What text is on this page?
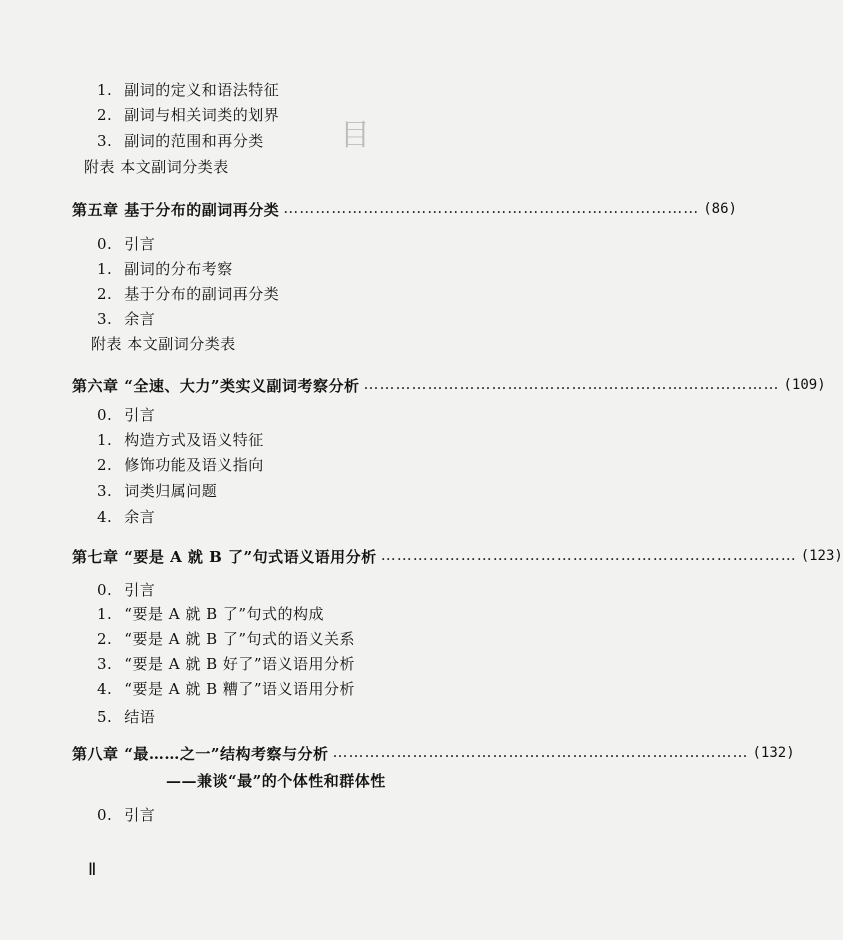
目
1. 副词的定义和语法特征
2. 副词与相关词类的划界
3. 副词的范围和再分类
附表 本文副词分类表
第五章 基于分布的副词再分类 …………………………………………………………………… (86)
0. 引言
1. 副词的分布考察
2. 基于分布的副词再分类
3. 余言
附表 本文副词分类表
第六章 “全速、大力”类实义副词考察分析 …………………………………………………………………… (109)
0. 引言
1. 构造方式及语义特征
2. 修饰功能及语义指向
3. 词类归属问题
4. 余言
第七章 “要是 A 就 B 了”句式语义语用分析 …………………………………………………………………… (123)
0. 引言
1. “要是 A 就 B 了”句式的构成
2. “要是 A 就 B 了”句式的语义关系
3. “要是 A 就 B 好了”语义语用分析
4. “要是 A 就 B 糟了”语义语用分析
5. 结语
第八章 “最……之一”结构考察与分析 …………………………………………………………………… (132)
——兼谈“最”的个体性和群体性
0. 引言
Ⅱ
